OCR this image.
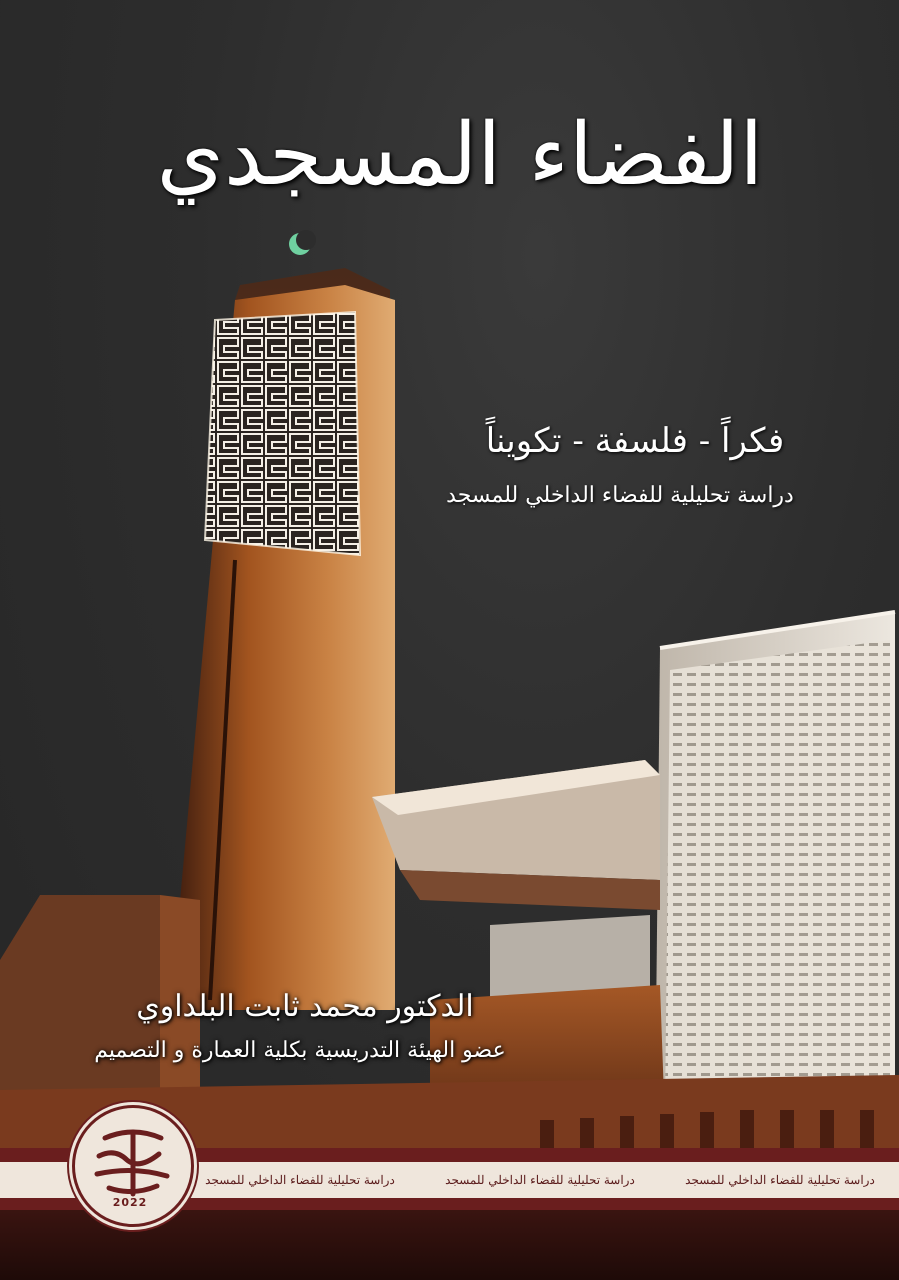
الفضاء المسجدي
فكراً - فلسفة - تكويناً
دراسة تحليلية للفضاء الداخلي للمسجد
الدكتور محمد ثابت البلداوي
عضو الهيئة التدريسية بكلية العمارة و التصميم
دراسة تحليلية للفضاء الداخلي للمسجد
دراسة تحليلية للفضاء الداخلي للمسجد
دراسة تحليلية للفضاء الداخلي للمسجد
2022
